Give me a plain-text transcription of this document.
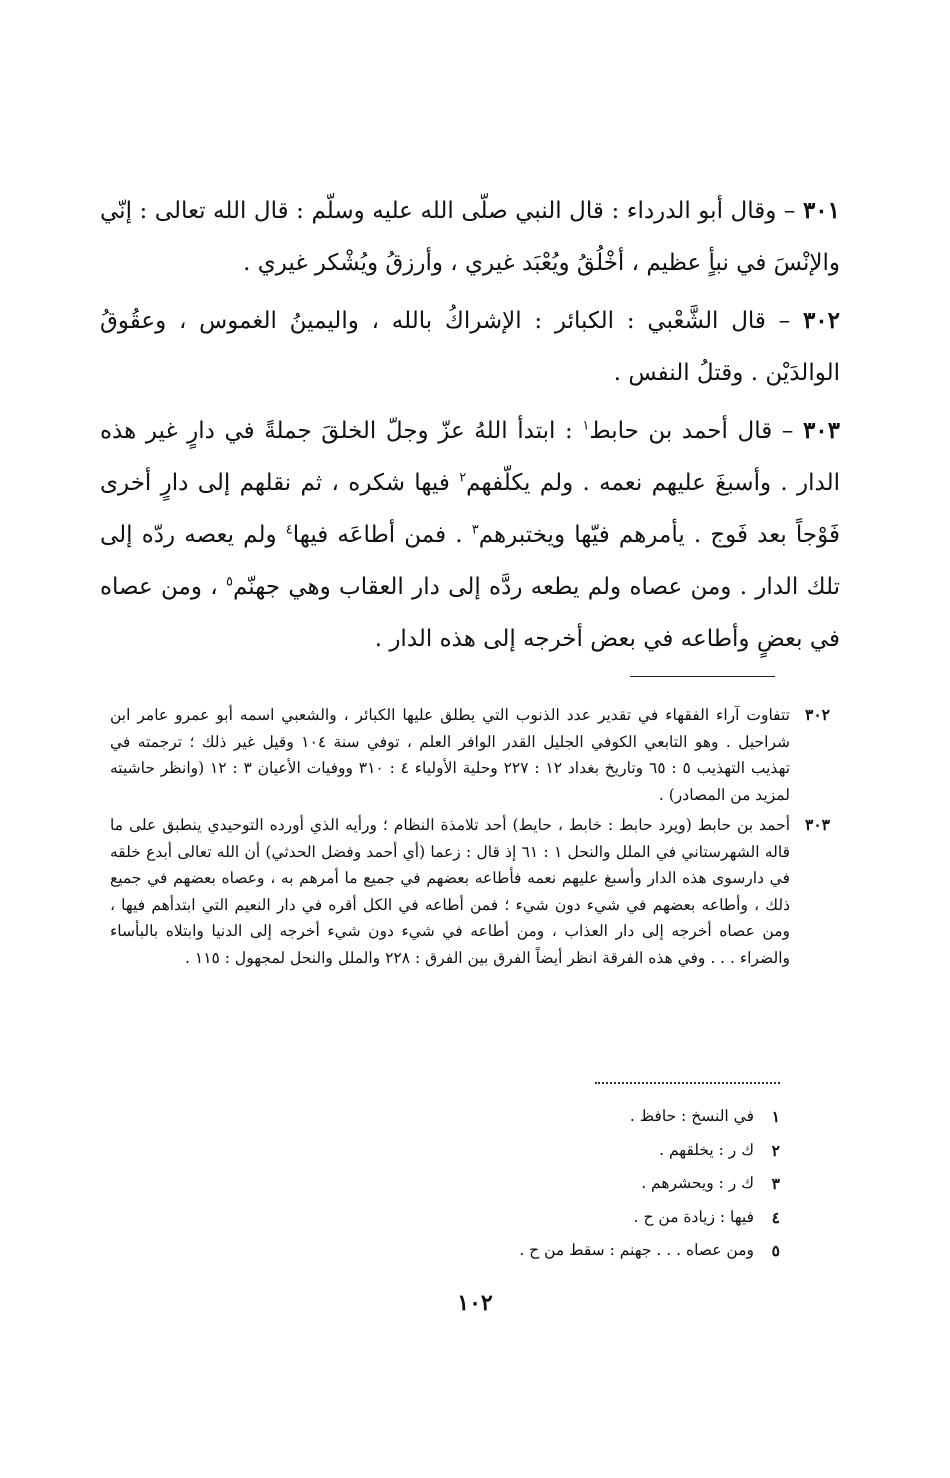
٣٠١ – وقال أبو الدرداء : قال النبي صلّى الله عليه وسلّم : قال الله تعالى : إنّي والإنْسَ في نبأٍ عظيم ، أخْلُقُ ويُعْبَد غيري ، وأرزقُ ويُشْكر غيري .

٣٠٢ – قال الشَّعْبي : الكبائر : الإشراكُ بالله ، واليمينُ الغموس ، وعقُوقُ الوالدَيْن . وقتلُ النفس .

٣٠٣ – قال أحمد بن حابط$^١$ : ابتدأ اللهُ عزّ وجلّ الخلقَ جملةً في دارٍ غير هذه الدار . وأسبغَ عليهم نعمه . ولم يكلّفهم$^٢$ فيها شكره ، ثم نقلهم إلى دارٍ أخرى فَوْجاً بعد فَوج . يأمرهم فيّها ويختبرهم$^٣$ . فمن أطاعَه فيها$^٤$ ولم يعصه ردّه إلى تلك الدار . ومن عصاه ولم يطعه ردَّه إلى دار العقاب وهي جهنّم$^٥$ ، ومن عصاه في بعضٍ وأطاعه في بعض أخرجه إلى هذه الدار .

٣٠٢
تتفاوت آراء الفقهاء في تقدير عدد الذنوب التي يطلق عليها الكبائر ، والشعبي اسمه أبو عمرو عامر ابن شراحيل . وهو التابعي الكوفي الجليل القدر الوافر العلم ، توفي سنة ١٠٤ وقيل غير ذلك ؛ ترجمته في تهذيب التهذيب ٥ : ٦٥ وتاريخ بغداد ١٢ : ٢٢٧ وحلية الأولياء ٤ : ٣١٠ ووفيات الأعيان ٣ : ١٢ (وانظر حاشيته لمزيد من المصادر) .
٣٠٣
أحمد بن حابط (ويرد حابط : خابط ، حايط) أحد تلامذة النظام ؛ ورأيه الذي أورده التوحيدي ينطبق على ما قاله الشهرستاني في الملل والنحل ١ : ٦١ إذ قال : زعما (أي أحمد وفضل الحدثي) أن الله تعالى أبدع خلقه في دارسوى هذه الدار وأسبغ عليهم نعمه فأطاعه بعضهم في جميع ما أمرهم به ، وعصاه بعضهم في جميع ذلك ، وأطاعه بعضهم في شيء دون شيء ؛ فمن أطاعه في الكل أقره في دار النعيم التي ابتدأهم فيها ، ومن عصاه أخرجه إلى دار العذاب ، ومن أطاعه في شيء دون شيء أخرجه إلى الدنيا وابتلاه بالبأساء والضراء . . . وفي هذه الفرقة انظر أيضاً الفرق بين الفرق : ٢٢٨ والملل والنحل لمجهول : ١١٥ .
١
في النسخ : حافظ .
٢
ك ر : يخلقهم .
٣
ك ر : ويحشرهم .
٤
فيها : زيادة من ح .
٥
ومن عصاه . . . جهنم : سقط من ح .
١٠٢
